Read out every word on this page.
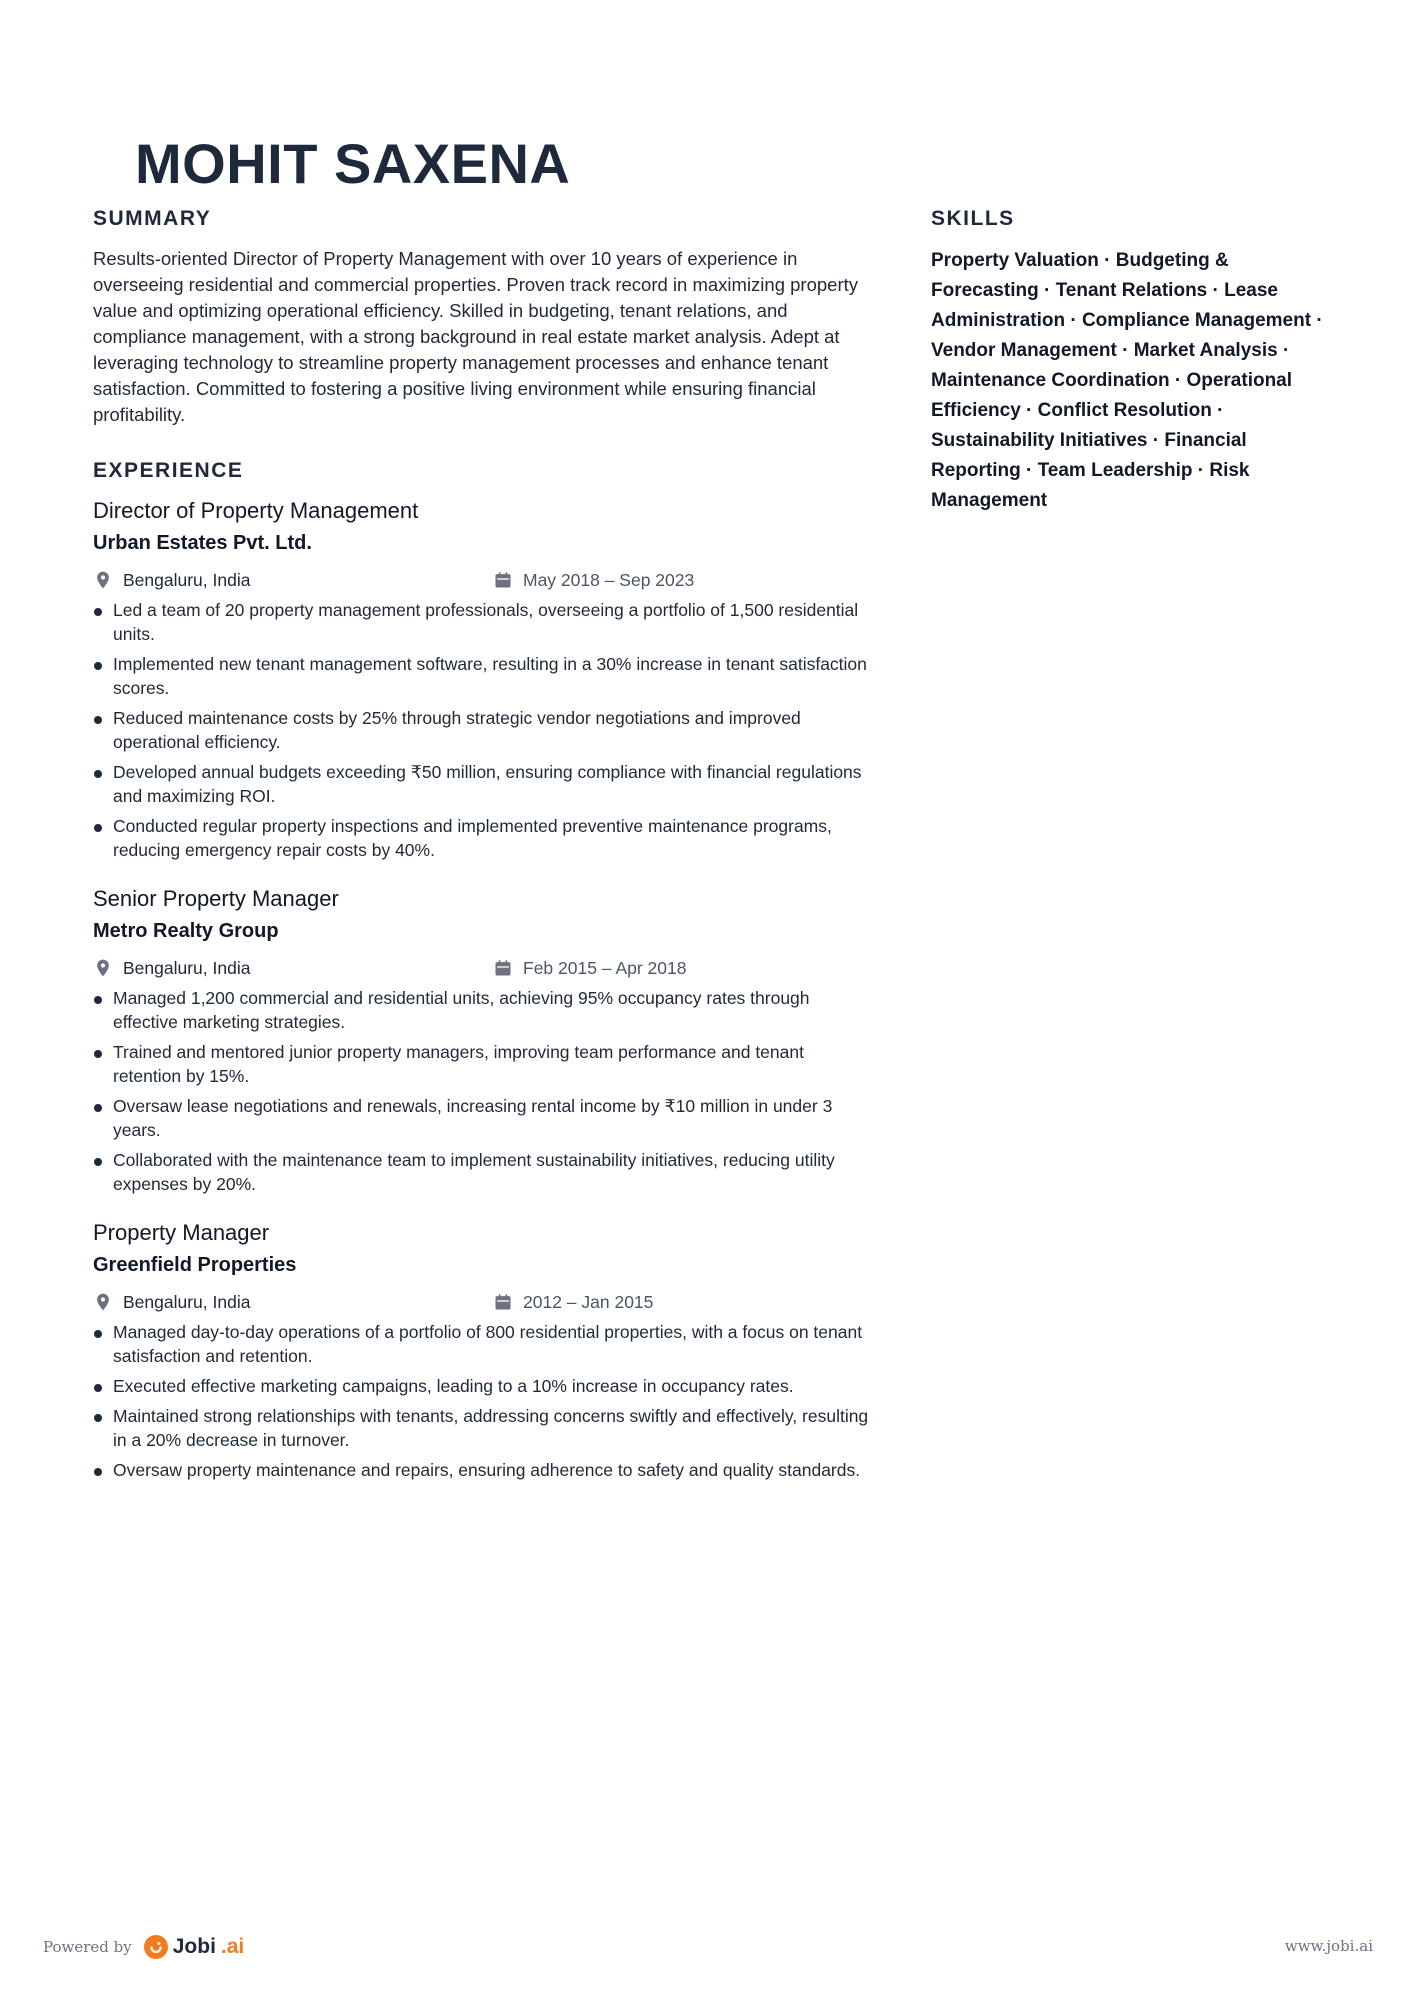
MOHIT SAXENA
SUMMARY

Results-oriented Director of Property Management with over 10 years of experience in overseeing residential and commercial properties. Proven track record in maximizing property value and optimizing operational efficiency. Skilled in budgeting, tenant relations, and compliance management, with a strong background in real estate market analysis. Adept at leveraging technology to streamline property management processes and enhance tenant satisfaction. Committed to fostering a positive living environment while ensuring financial profitability.

EXPERIENCE
Director of Property Management
Urban Estates Pvt. Ltd.
Bengaluru, India	May 2018 – Sep 2023
Led a team of 20 property management professionals, overseeing a portfolio of 1,500 residential units.
Implemented new tenant management software, resulting in a 30% increase in tenant satisfaction scores.
Reduced maintenance costs by 25% through strategic vendor negotiations and improved operational efficiency.
Developed annual budgets exceeding ₹50 million, ensuring compliance with financial regulations and maximizing ROI.
Conducted regular property inspections and implemented preventive maintenance programs, reducing emergency repair costs by 40%.
Senior Property Manager
Metro Realty Group
Bengaluru, India	Feb 2015 – Apr 2018
Managed 1,200 commercial and residential units, achieving 95% occupancy rates through effective marketing strategies.
Trained and mentored junior property managers, improving team performance and tenant retention by 15%.
Oversaw lease negotiations and renewals, increasing rental income by ₹10 million in under 3 years.
Collaborated with the maintenance team to implement sustainability initiatives, reducing utility expenses by 20%.
Property Manager
Greenfield Properties
Bengaluru, India	2012 – Jan 2015
Managed day-to-day operations of a portfolio of 800 residential properties, with a focus on tenant satisfaction and retention.
Executed effective marketing campaigns, leading to a 10% increase in occupancy rates.
Maintained strong relationships with tenants, addressing concerns swiftly and effectively, resulting in a 20% decrease in turnover.
Oversaw property maintenance and repairs, ensuring adherence to safety and quality standards.
SKILLS

Property Valuation · Budgeting & Forecasting · Tenant Relations · Lease Administration · Compliance Management · Vendor Management · Market Analysis · Maintenance Coordination · Operational Efficiency · Conflict Resolution · Sustainability Initiatives · Financial Reporting · Team Leadership · Risk Management

Powered by Jobi .ai	www.jobi.ai
